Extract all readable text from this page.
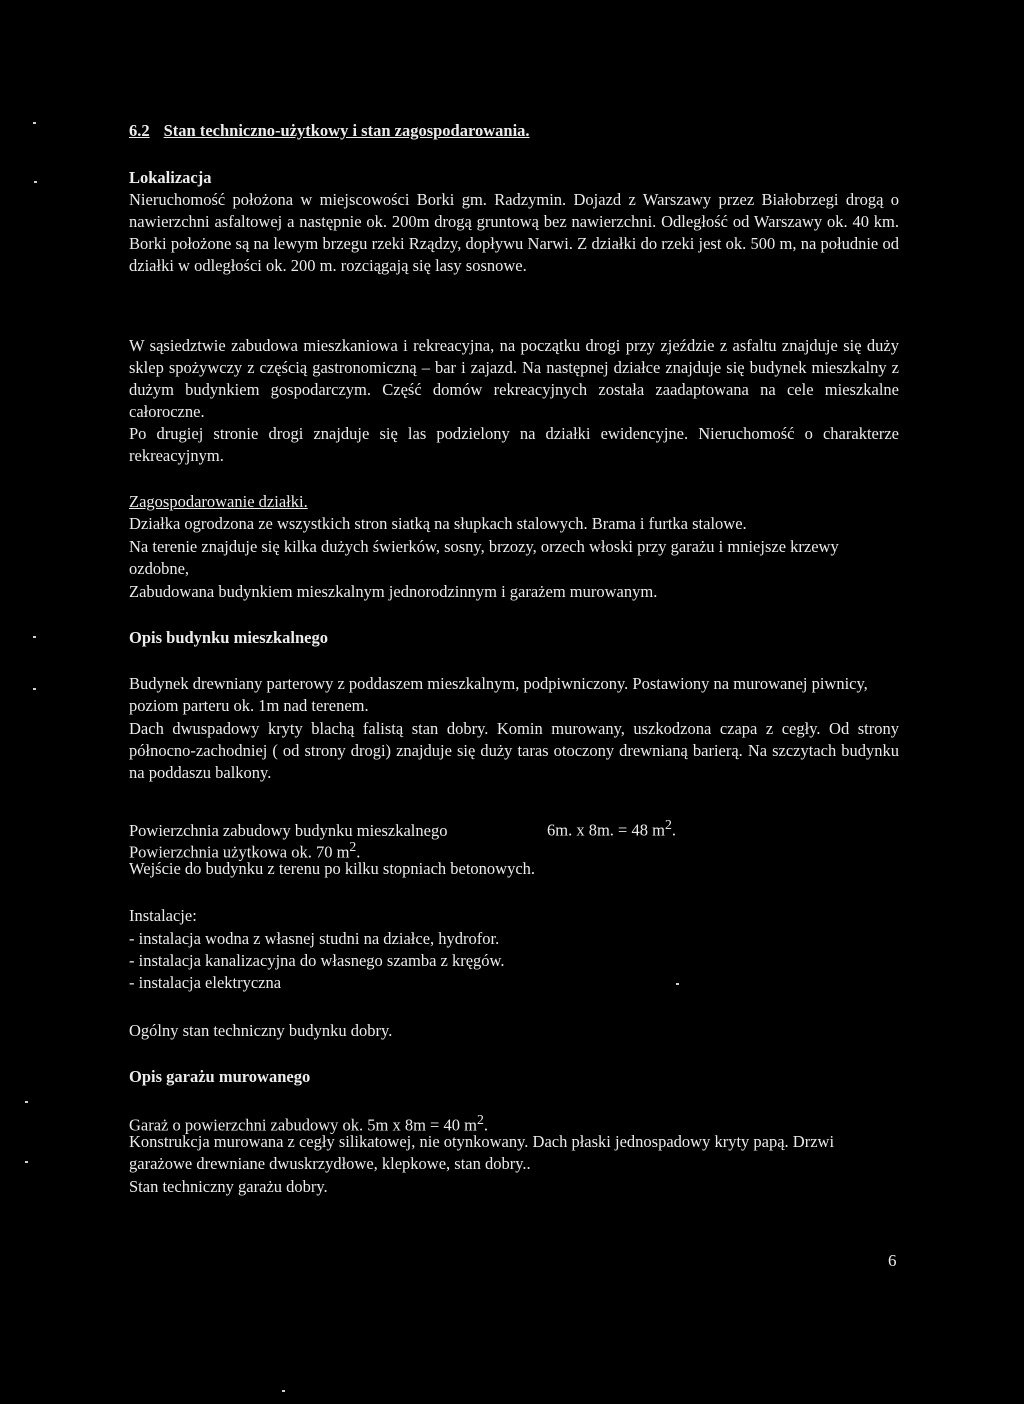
6.2 Stan techniczno-użytkowy i stan zagospodarowania.
Lokalizacja

Nieruchomość położona w miejscowości Borki gm. Radzymin. Dojazd z Warszawy przez Białobrzegi drogą o nawierzchni asfaltowej a następnie ok. 200m drogą gruntową bez nawierzchni. Odległość od Warszawy ok. 40 km. Borki położone są na lewym brzegu rzeki Rządzy, dopływu Narwi. Z działki do rzeki jest ok. 500 m, na południe od działki w odległości ok. 200 m. rozciągają się lasy sosnowe.

W sąsiedztwie zabudowa mieszkaniowa i rekreacyjna, na początku drogi przy zjeździe z asfaltu znajduje się duży sklep spożywczy z częścią gastronomiczną – bar i zajazd. Na następnej działce znajduje się budynek mieszkalny z dużym budynkiem gospodarczym. Część domów rekreacyjnych została zaadaptowana na cele mieszkalne całoroczne.

Po drugiej stronie drogi znajduje się las podzielony na działki ewidencyjne. Nieruchomość o charakterze rekreacyjnym.

Zagospodarowanie działki.
Działka ogrodzona ze wszystkich stron siatką na słupkach stalowych. Brama i furtka stalowe.

Na terenie znajduje się kilka dużych świerków, sosny, brzozy, orzech włoski przy garażu i mniejsze krzewy ozdobne,

Zabudowana budynkiem mieszkalnym jednorodzinnym i garażem murowanym.
Opis budynku mieszkalnego

Budynek drewniany parterowy z poddaszem mieszkalnym, podpiwniczony. Postawiony na murowanej piwnicy, poziom parteru ok. 1m nad terenem.

Dach dwuspadowy kryty blachą falistą stan dobry. Komin murowany, uszkodzona czapa z cegły. Od strony północno-zachodniej ( od strony drogi) znajduje się duży taras otoczony drewnianą barierą. Na szczytach budynku na poddaszu balkony.

Powierzchnia zabudowy budynku mieszkalnego	6m. x 8m. = 48 $m^2$.
Powierzchnia użytkowa ok. 70 $m^2$.
Wejście do budynku z terenu po kilku stopniach betonowych.
Instalacje:
- instalacja wodna z własnej studni na działce, hydrofor.
- instalacja kanalizacyjna do własnego szamba z kręgów.
- instalacja elektryczna
Ogólny stan techniczny budynku dobry.
Opis garażu murowanego
Garaż o powierzchni zabudowy ok. 5m x 8m = 40 $m^2$.

Konstrukcja murowana z cegły silikatowej, nie otynkowany. Dach płaski jednospadowy kryty papą. Drzwi garażowe drewniane dwuskrzydłowe, klepkowe, stan dobry..

Stan techniczny garażu dobry.
6
